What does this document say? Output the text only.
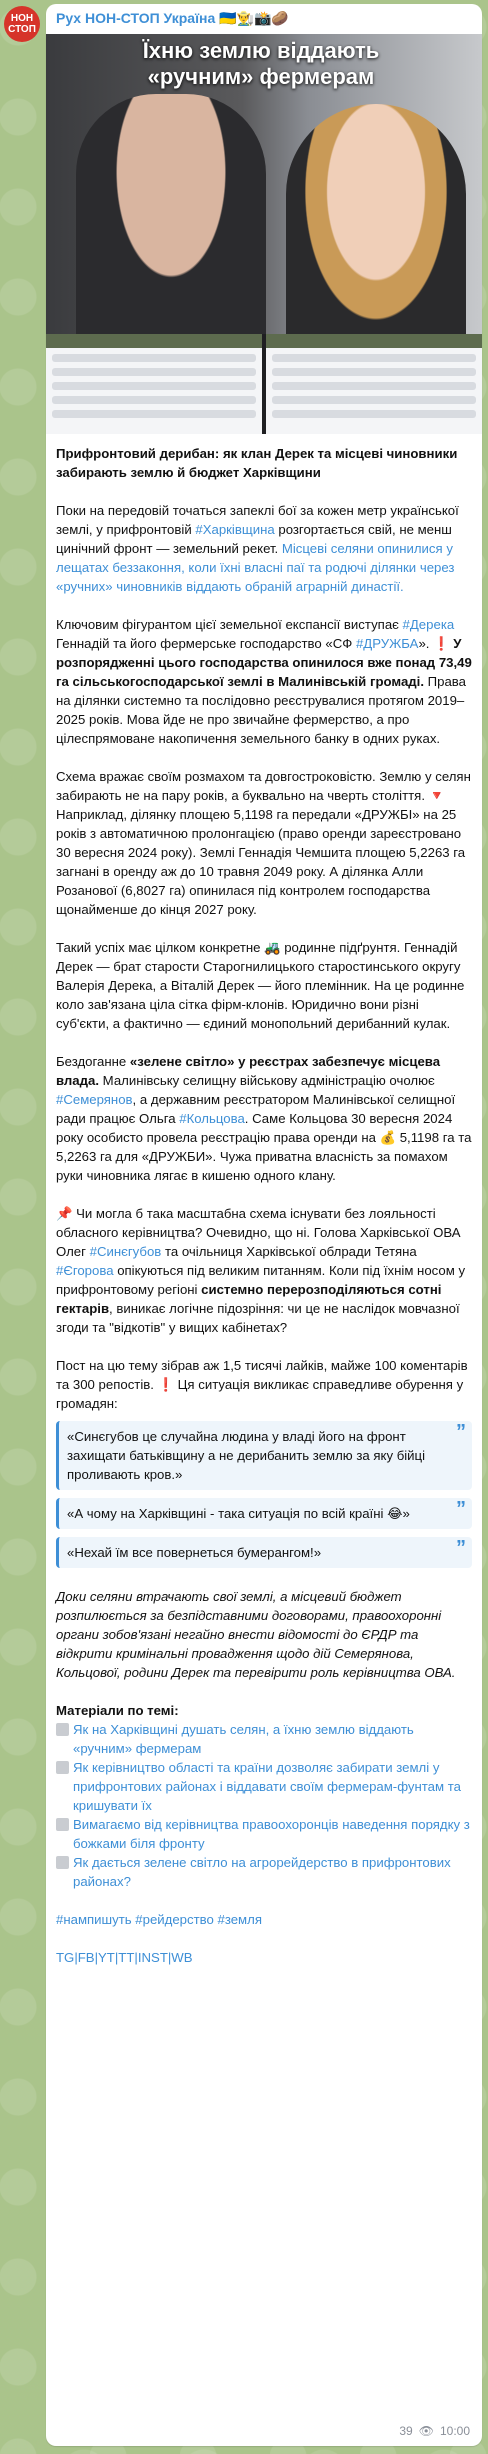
НОН
СТОП
Рух НОН-СТОП Україна 🇺🇦👨‍🌾📸🥔
Їхню землю віддають «ручним» фермерам

Прифронтовий дерибан: як клан Дерек та місцеві чиновники забирають землю й бюджет Харківщини

Поки на передовій точаться запеклі бої за кожен метр української землі, у прифронтовій #Харківщина розгортається свій, не менш цинічний фронт — земельний рекет. Місцеві селяни опинилися у лещатах беззаконня, коли їхні власні паї та родючі ділянки через «ручних» чиновників віддають обраній аграрній династії.

Ключовим фігурантом цієї земельної експансії виступає #Дерека Геннадій та його фермерське господарство «СФ #ДРУЖБА». ❗ У розпорядженні цього господарства опинилося вже понад 73,49 га сільськогосподарської землі в Малинівській громаді. Права на ділянки системно та послідовно реєструвалися протягом 2019–2025 років. Мова йде не про звичайне фермерство, а про цілеспрямоване накопичення земельного банку в одних руках.

Схема вражає своїм розмахом та довгостроковістю. Землю у селян забирають не на пару років, а буквально на чверть століття. 🔻 Наприклад, ділянку площею 5,1198 га передали «ДРУЖБІ» на 25 років з автоматичною пролонгацією (право оренди зареєстровано 30 вересня 2024 року). Землі Геннадія Чемшита площею 5,2263 га загнані в оренду аж до 10 травня 2049 року. А ділянка Алли Розанової (6,8027 га) опинилася під контролем господарства щонайменше до кінця 2027 року.

Такий успіх має цілком конкретне 🚜 родинне підґрунтя. Геннадій Дерек — брат старости Старогнилицького старостинського округу Валерія Дерека, а Віталій Дерек — його племінник. На це родинне коло зав'язана ціла сітка фірм-клонів. Юридично вони різні суб'єкти, а фактично — єдиний монопольний дерибанний кулак.

Бездоганне «зелене світло» у реєстрах забезпечує місцева влада. Малинівську селищну військову адміністрацію очолює #Семерянов, а державним реєстратором Малинівської селищної ради працює Ольга #Кольцова. Саме Кольцова 30 вересня 2024 року особисто провела реєстрацію права оренди на 💰 5,1198 га та 5,2263 га для «ДРУЖБИ». Чужа приватна власність за помахом руки чиновника лягає в кишеню одного клану.

📌 Чи могла б така масштабна схема існувати без лояльності обласного керівництва? Очевидно, що ні. Голова Харківської ОВА Олег #Синєгубов та очільниця Харківської облради Тетяна #Єгорова опікуються під великим питанням. Коли під їхнім носом у прифронтовому регіоні системно перерозподіляються сотні гектарів, виникає логічне підозріння: чи це не наслідок мовчазної згоди та "відкотів" у вищих кабінетах?

Пост на цю тему зібрав аж 1,5 тисячі лайків, майже 100 коментарів та 300 репостів. ❗ Ця ситуація викликає справедливе обурення у громадян:

«Синєгубов це случайна людина у владі його на фронт захищати батьківщину а не дерибанить землю за яку бійці проливають кров.»
”
«А чому на Харківщині - така ситуація по всій країні 😂» ”
«Нехай їм все повернеться бумерангом!»	”

Доки селяни втрачають свої землі, а місцевий бюджет розпилюється за безпідставними договорами, правоохоронні органи зобов'язані негайно внести відомості до ЄРДР та відкрити кримінальні провадження щодо дій Семерянова, Кольцової, родини Дерек та перевірити роль керівництва ОВА.

Матеріали по темі:
Як на Харківщині душать селян, а їхню землю віддають «ручним» фермерам
Як керівництво області та країни дозволяє забирати землі у прифронтових районах і віддавати своїм фермерам-фунтам та кришувати їх
Вимагаємо від керівництва правоохоронців наведення порядку з божками біля фронту
Як дається зелене світло на агрорейдерство в прифронтових районах?

#нампишуть #рейдерство #земля

TG|FB|YT|TT|INST|WB

39 👁 10:00
